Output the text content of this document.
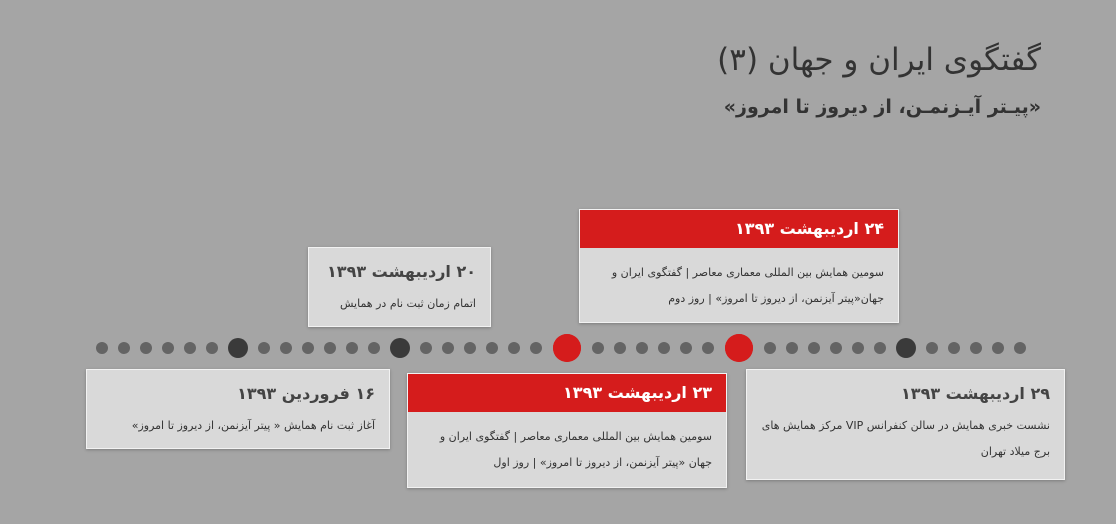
گفتگوی ایران و جهان (۳)
«پیـتر آیـزنمـن، از دیروز تا امروز»
۱۶ فروردین ۱۳۹۳
آغاز ثبت نام همایش « پیتر آیزنمن، از دیروز تا امروز»
۲۰ اردیبهشت ۱۳۹۳
اتمام زمان ثبت نام در همایش
۲۳ اردیبهشت ۱۳۹۳
سومین همایش بین المللی معماری معاصر | گفتگوی ایران و جهان «پیتر آیزنمن، از دیروز تا امروز» | روز اول
۲۴ اردیبهشت ۱۳۹۳
سومین همایش بین المللی معماری معاصر | گفتگوی ایران و جهان«پیتر آیزنمن، از دیروز تا امروز» | روز دوم
۲۹ اردیبهشت ۱۳۹۳
نشست خبری همایش در سالن کنفرانس VIP مرکز همایش های برج میلاد تهران
